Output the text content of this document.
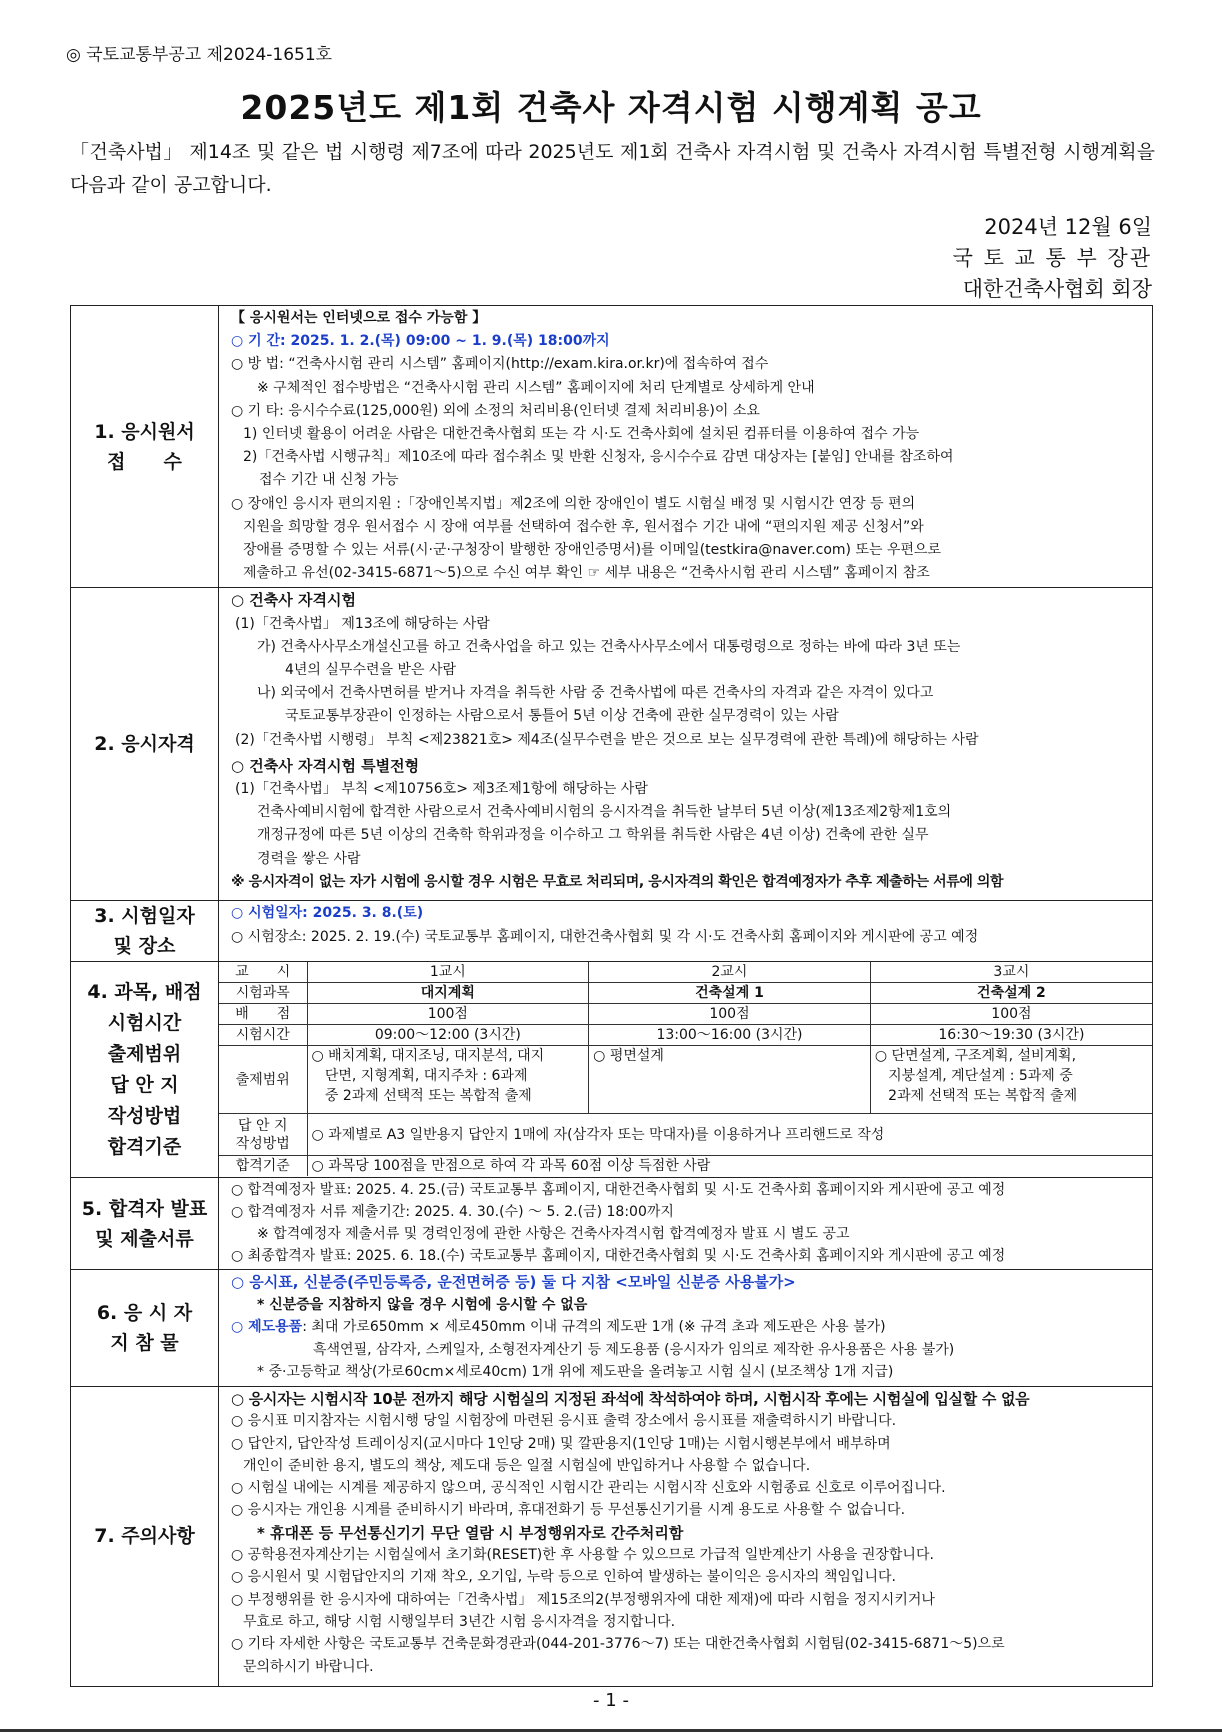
◎ 국토교통부공고 제2024-1651호
2025년도 제1회 건축사 자격시험 시행계획 공고
「건축사법」 제14조 및 같은 법 시행령 제7조에 따라 2025년도 제1회 건축사 자격시험 및 건축사 자격시험 특별전형 시행계획을 다음과 같이 공고합니다.
2024년 12월 6일
국 토 교 통 부 장관
대한건축사협회 회장
1. 응시원서
접　　수

【 응시원서는 인터넷으로 접수 가능함 】
○ 기 간: 2025. 1. 2.(목) 09:00 ~ 1. 9.(목) 18:00까지
○ 방 법: “건축사시험 관리 시스템” 홈페이지(http://exam.kira.or.kr)에 접속하여 접수
※ 구체적인 접수방법은 “건축사시험 관리 시스템” 홈페이지에 처리 단계별로 상세하게 안내
○ 기 타: 응시수수료(125,000원) 외에 소정의 처리비용(인터넷 결제 처리비용)이 소요
1) 인터넷 활용이 어려운 사람은 대한건축사협회 또는 각 시·도 건축사회에 설치된 컴퓨터를 이용하여 접수 가능
2)「건축사법 시행규칙」제10조에 따라 접수취소 및 반환 신청자, 응시수수료 감면 대상자는 [붙임] 안내를 참조하여
접수 기간 내 신청 가능
○ 장애인 응시자 편의지원 :「장애인복지법」제2조에 의한 장애인이 별도 시험실 배정 및 시험시간 연장 등 편의
지원을 희망할 경우 원서접수 시 장애 여부를 선택하여 접수한 후, 원서접수 기간 내에 “편의지원 제공 신청서”와
장애를 증명할 수 있는 서류(시·군·구청장이 발행한 장애인증명서)를 이메일(testkira@naver.com) 또는 우편으로
제출하고 유선(02-3415-6871～5)으로 수신 여부 확인 ☞ 세부 내용은 “건축사시험 관리 시스템” 홈페이지 참조

2. 응시자격

○ 건축사 자격시험
(1)「건축사법」 제13조에 해당하는 사람
가) 건축사사무소개설신고를 하고 건축사업을 하고 있는 건축사사무소에서 대통령령으로 정하는 바에 따라 3년 또는
4년의 실무수련을 받은 사람
나) 외국에서 건축사면허를 받거나 자격을 취득한 사람 중 건축사법에 따른 건축사의 자격과 같은 자격이 있다고
국토교통부장관이 인정하는 사람으로서 통틀어 5년 이상 건축에 관한 실무경력이 있는 사람
(2)「건축사법 시행령」 부칙 <제23821호> 제4조(실무수련을 받은 것으로 보는 실무경력에 관한 특례)에 해당하는 사람
○ 건축사 자격시험 특별전형
(1)「건축사법」 부칙 <제10756호> 제3조제1항에 해당하는 사람
건축사예비시험에 합격한 사람으로서 건축사예비시험의 응시자격을 취득한 날부터 5년 이상(제13조제2항제1호의
개정규정에 따른 5년 이상의 건축학 학위과정을 이수하고 그 학위를 취득한 사람은 4년 이상) 건축에 관한 실무
경력을 쌓은 사람
※ 응시자격이 없는 자가 시험에 응시할 경우 시험은 무효로 처리되며, 응시자격의 확인은 합격예정자가 추후 제출하는 서류에 의함

3. 시험일자
및 장소

○ 시험일자: 2025. 3. 8.(토)
○ 시험장소: 2025. 2. 19.(수) 국토교통부 홈페이지, 대한건축사협회 및 각 시·도 건축사회 홈페이지와 게시판에 공고 예정

4. 과목, 배점
시험시간
출제범위
답 안 지
작성방법
합격기준

교　　시	1교시	2교시	3교시
시험과목	대지계획	건축설계 1	건축설계 2
배　　점	100점	100점	100점
시험시간	09:00～12:00 (3시간)	13:00～16:00 (3시간)	16:30～19:30 (3시간)
출제범위	○ 배치계획, 대지조닝, 대지분석, 대지
단면, 지형계획, 대지주차 : 6과제
중 2과제 선택적 또는 복합적 출제	○ 평면설계	○ 단면설계, 구조계획, 설비계획,
지붕설계, 계단설계 : 5과제 중
2과제 선택적 또는 복합적 출제
답 안 지
작성방법	○ 과제별로 A3 일반용지 답안지 1매에 자(삼각자 또는 막대자)를 이용하거나 프리핸드로 작성
합격기준	○ 과목당 100점을 만점으로 하여 각 과목 60점 이상 득점한 사람

5. 합격자 발표
및 제출서류

○ 합격예정자 발표: 2025. 4. 25.(금) 국토교통부 홈페이지, 대한건축사협회 및 시·도 건축사회 홈페이지와 게시판에 공고 예정
○ 합격예정자 서류 제출기간: 2025. 4. 30.(수) ～ 5. 2.(금) 18:00까지
※ 합격예정자 제출서류 및 경력인정에 관한 사항은 건축사자격시험 합격예정자 발표 시 별도 공고
○ 최종합격자 발표: 2025. 6. 18.(수) 국토교통부 홈페이지, 대한건축사협회 및 시·도 건축사회 홈페이지와 게시판에 공고 예정

6. 응 시 자
지 참 물

○ 응시표, 신분증(주민등록증, 운전면허증 등) 둘 다 지참 <모바일 신분증 사용불가>
* 신분증을 지참하지 않을 경우 시험에 응시할 수 없음
○ 제도용품: 최대 가로650mm × 세로450mm 이내 규격의 제도판 1개 (※ 규격 초과 제도판은 사용 불가)
흑색연필, 삼각자, 스케일자, 소형전자계산기 등 제도용품 (응시자가 임의로 제작한 유사용품은 사용 불가)
* 중·고등학교 책상(가로60cm×세로40cm) 1개 위에 제도판을 올려놓고 시험 실시 (보조책상 1개 지급)

7. 주의사항

○ 응시자는 시험시작 10분 전까지 해당 시험실의 지정된 좌석에 착석하여야 하며, 시험시작 후에는 시험실에 입실할 수 없음
○ 응시표 미지참자는 시험시행 당일 시험장에 마련된 응시표 출력 장소에서 응시표를 재출력하시기 바랍니다.
○ 답안지, 답안작성 트레이싱지(교시마다 1인당 2매) 및 깔판용지(1인당 1매)는 시험시행본부에서 배부하며
개인이 준비한 용지, 별도의 책상, 제도대 등은 일절 시험실에 반입하거나 사용할 수 없습니다.
○ 시험실 내에는 시계를 제공하지 않으며, 공식적인 시험시간 관리는 시험시작 신호와 시험종료 신호로 이루어집니다.
○ 응시자는 개인용 시계를 준비하시기 바라며, 휴대전화기 등 무선통신기기를 시계 용도로 사용할 수 없습니다.
* 휴대폰 등 무선통신기기 무단 열람 시 부정행위자로 간주처리함
○ 공학용전자계산기는 시험실에서 초기화(RESET)한 후 사용할 수 있으므로 가급적 일반계산기 사용을 권장합니다.
○ 응시원서 및 시험답안지의 기재 착오, 오기입, 누락 등으로 인하여 발생하는 불이익은 응시자의 책임입니다.
○ 부정행위를 한 응시자에 대하여는「건축사법」 제15조의2(부정행위자에 대한 제재)에 따라 시험을 정지시키거나
무효로 하고, 해당 시험 시행일부터 3년간 시험 응시자격을 정지합니다.
○ 기타 자세한 사항은 국토교통부 건축문화경관과(044-201-3776～7) 또는 대한건축사협회 시험팀(02-3415-6871～5)으로
문의하시기 바랍니다.
- 1 -
